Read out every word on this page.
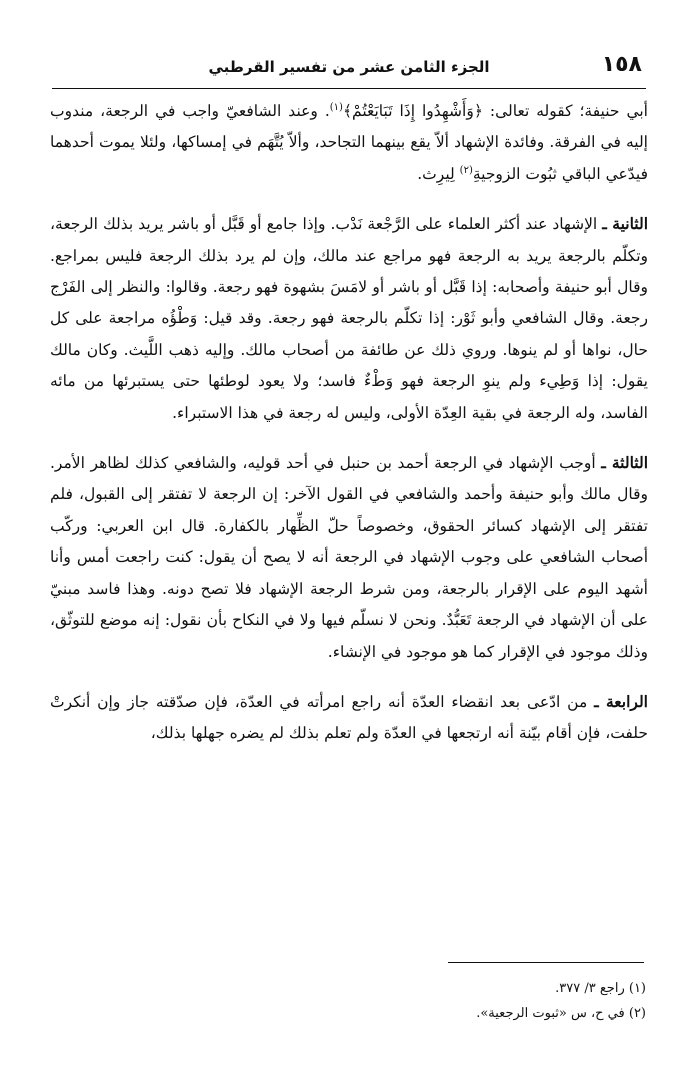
١٥٨
الجزء الثامن عشر من تفسير القرطبي

أبي حنيفة؛ كقوله تعالى: ﴿وَأَشْهِدُوا إِذَا تَبَايَعْتُمْ﴾$^{(١)}$. وعند الشافعيّ واجب في الرجعة، مندوب إليه في الفرقة. وفائدة الإشهاد ألاّ يقع بينهما التجاحد، وألاّ يُتَّهَم في إمساكها، ولئلا يموت أحدهما فيدّعي الباقي ثبُوت الزوجيةِ$^{(٢)}$ لِيرِث.

الثانية ـ الإشهاد عند أكثر العلماء على الرَّجْعة نَدْب. وإذا جامع أو قَبَّل أو باشر يريد بذلك الرجعة، وتكلّم بالرجعة يريد به الرجعة فهو مراجع عند مالك، وإن لم يرد بذلك الرجعة فليس بمراجع. وقال أبو حنيفة وأصحابه: إذا قَبَّل أو باشر أو لامَسَ بشهوة فهو رجعة. وقالوا: والنظر إلى الفَرْج رجعة. وقال الشافعي وأبو ثَوْر: إذا تكلّم بالرجعة فهو رجعة. وقد قيل: وَطْؤُه مراجعة على كل حال، نواها أو لم ينوها. وروي ذلك عن طائفة من أصحاب مالك. وإليه ذهب اللَّيث. وكان مالك يقول: إذا وَطِيء ولم ينوِ الرجعة فهو وَطْءٌ فاسد؛ ولا يعود لوطئها حتى يستبرئها من مائه الفاسد، وله الرجعة في بقية العِدّة الأولى، وليس له رجعة في هذا الاستبراء.

الثالثة ـ أوجب الإشهاد في الرجعة أحمد بن حنبل في أحد قوليه، والشافعي كذلك لظاهر الأمر. وقال مالك وأبو حنيفة وأحمد والشافعي في القول الآخر: إن الرجعة لا تفتقر إلى القبول، فلم تفتقر إلى الإشهاد كسائر الحقوق، وخصوصاً حلّ الظِّهار بالكفارة. قال ابن العربي: وركّب أصحاب الشافعي على وجوب الإشهاد في الرجعة أنه لا يصح أن يقول: كنت راجعت أمس وأنا أشهد اليوم على الإقرار بالرجعة، ومن شرط الرجعة الإشهاد فلا تصح دونه. وهذا فاسد مبنيّ على أن الإشهاد في الرجعة تَعَبُّدٌ. ونحن لا نسلّم فيها ولا في النكاح بأن نقول: إنه موضع للتوثّق، وذلك موجود في الإقرار كما هو موجود في الإنشاء.

الرابعة ـ من ادّعى بعد انقضاء العدّة أنه راجع امرأته في العدّة، فإن صدّقته جاز وإن أنكرتْ حلفت، فإن أقام بيّنة أنه ارتجعها في العدّة ولم تعلم بذلك لم يضره جهلها بذلك،

(١) راجع ٣/ ٣٧٧.

(٢) في ح، س «ثبوت الرجعية».
